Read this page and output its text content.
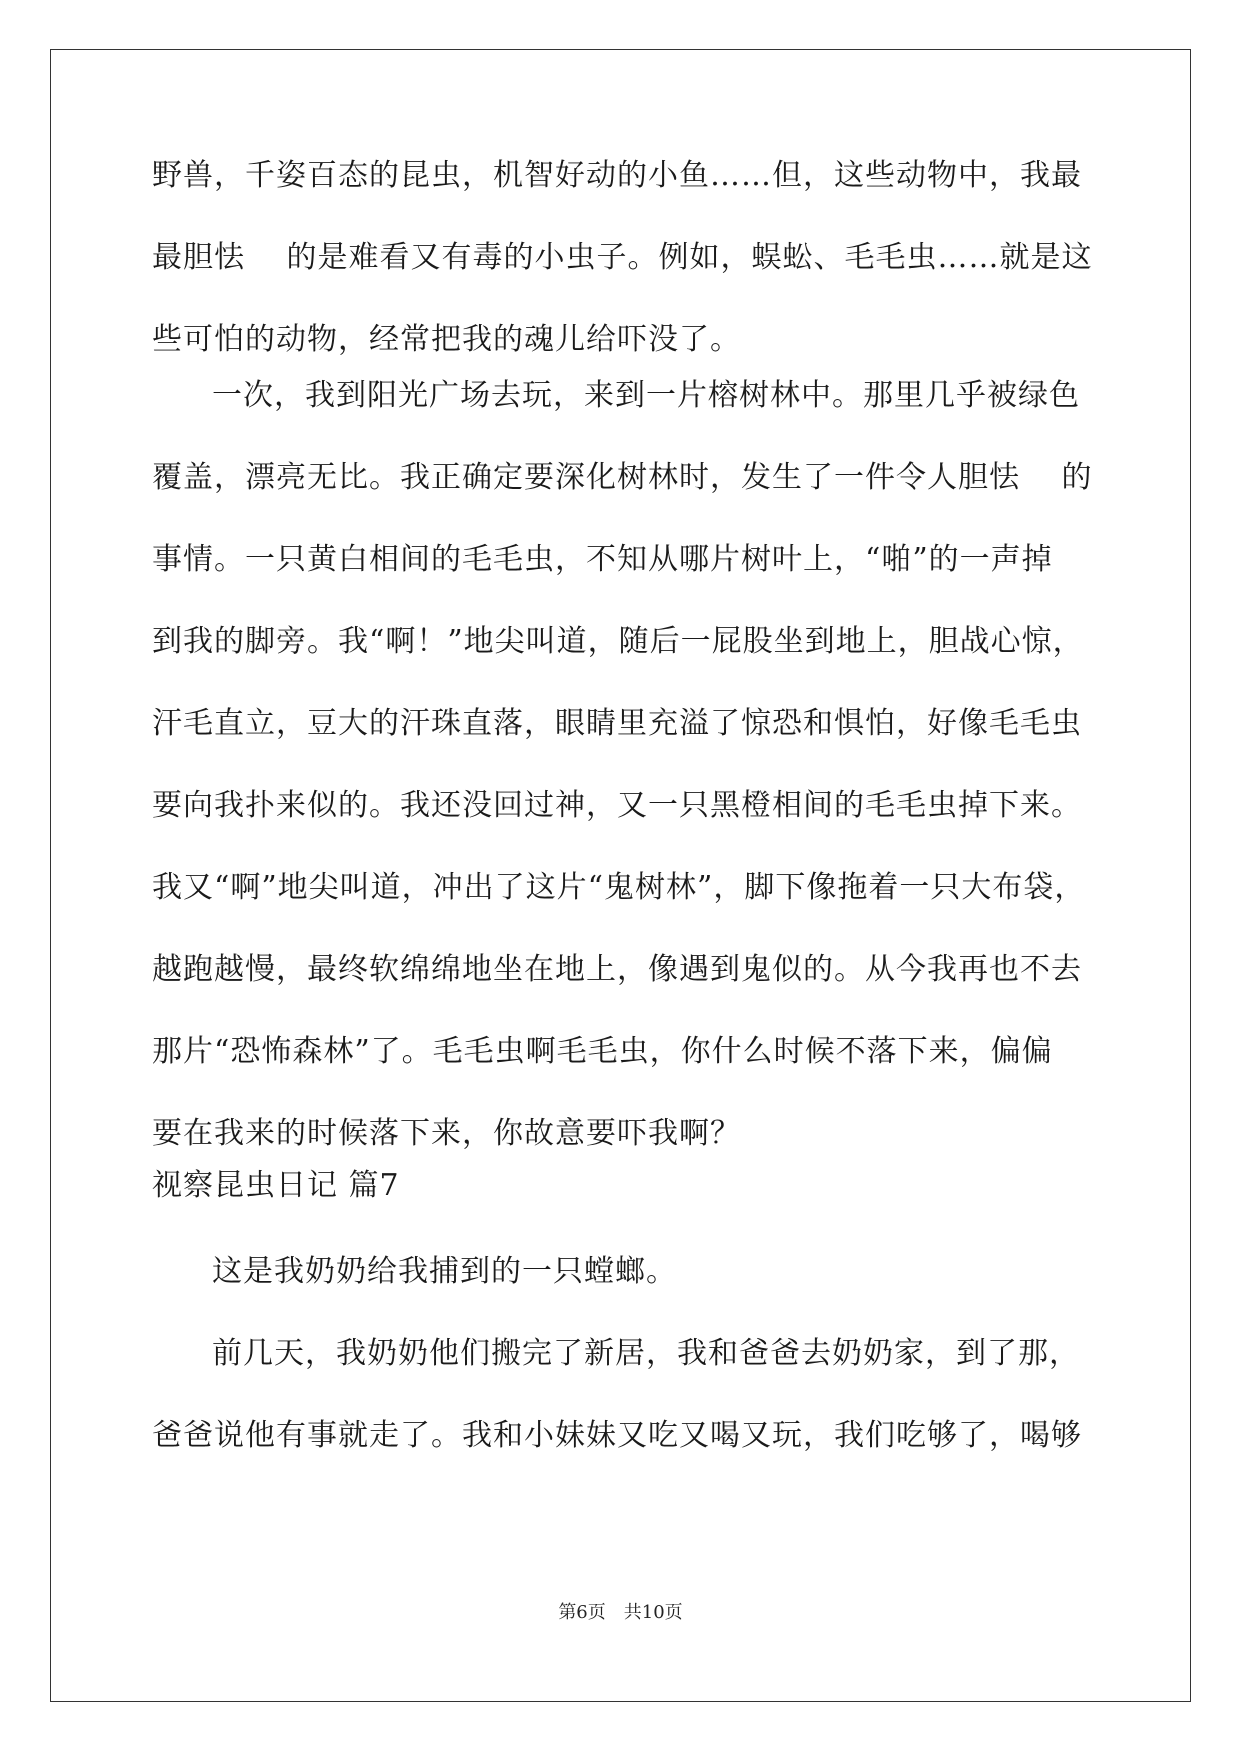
野兽，千姿百态的昆虫，机智好动的小鱼……但，这些动物中，我最
最胆怯　 的是难看又有毒的小虫子。例如，蜈蚣、毛毛虫……就是这
些可怕的动物，经常把我的魂儿给吓没了。
一次，我到阳光广场去玩，来到一片榕树林中。那里几乎被绿色
覆盖，漂亮无比。我正确定要深化树林时，发生了一件令人胆怯　 的
事情。一只黄白相间的毛毛虫，不知从哪片树叶上，“啪”的一声掉
到我的脚旁。我“啊！”地尖叫道，随后一屁股坐到地上，胆战心惊，
汗毛直立，豆大的汗珠直落，眼睛里充溢了惊恐和惧怕，好像毛毛虫
要向我扑来似的。我还没回过神，又一只黑橙相间的毛毛虫掉下来。
我又“啊”地尖叫道，冲出了这片“鬼树林”，脚下像拖着一只大布袋，
越跑越慢，最终软绵绵地坐在地上，像遇到鬼似的。从今我再也不去
那片“恐怖森林”了。毛毛虫啊毛毛虫，你什么时候不落下来，偏偏
要在我来的时候落下来，你故意要吓我啊？
视察昆虫日记 篇7
这是我奶奶给我捕到的一只螳螂。
前几天，我奶奶他们搬完了新居，我和爸爸去奶奶家，到了那，
爸爸说他有事就走了。我和小妹妹又吃又喝又玩，我们吃够了，喝够
第6页　共10页
